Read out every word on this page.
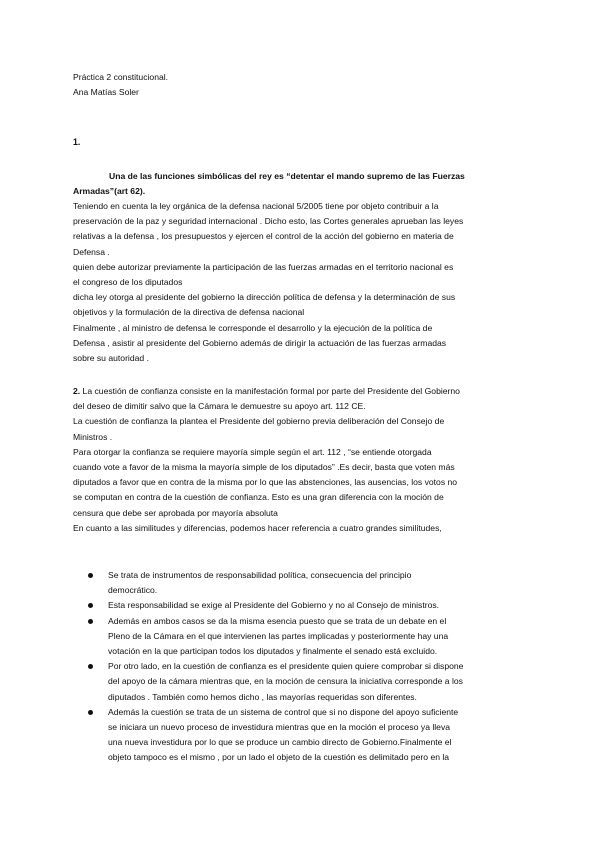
Práctica 2 constitucional.
Ana Matías Soler
1.
Una de las funciones simbólicas del rey es “detentar el mando supremo de las Fuerzas
Armadas”(art 62).
Teniendo en cuenta la ley orgánica de la defensa nacional 5/2005 tiene por objeto contribuir a la
preservación de la paz y seguridad internacional . Dicho esto, las Cortes generales aprueban las leyes
relativas a la defensa , los presupuestos y ejercen el control de la acción del gobierno en materia de
Defensa .
quien debe autorizar previamente la participación de las fuerzas armadas en el territorio nacional es
el congreso de los diputados
dicha ley otorga al presidente del gobierno la dirección política de defensa y la determinación de sus
objetivos y la formulación de la directiva de defensa nacional
Finalmente , al ministro de defensa le corresponde el desarrollo y la ejecución de la política de
Defensa , asistir al presidente del Gobierno además de dirigir la actuación de las fuerzas armadas
sobre su autoridad .
2. La cuestión de confianza consiste en la manifestación formal por parte del Presidente del Gobierno
del deseo de dimitir salvo que la Cámara le demuestre su apoyo art. 112 CE.
La cuestión de confianza la plantea el Presidente del gobierno previa deliberación del Consejo de
Ministros .
Para otorgar la confianza se requiere mayoría simple según el art. 112 , “se entiende otorgada
cuando vote a favor de la misma la mayoría simple de los diputados” .Es decir, basta que voten más
diputados a favor que en contra de la misma por lo que las abstenciones, las ausencias, los votos no
se computan en contra de la cuestión de confianza. Esto es una gran diferencia con la moción de
censura que debe ser aprobada por mayoría absoluta
En cuanto a las similitudes y diferencias, podemos hacer referencia a cuatro grandes similitudes,
Se trata de instrumentos de responsabilidad política, consecuencia del principio
democrático.
Esta responsabilidad se exige al Presidente del Gobierno y no al Consejo de ministros.
Además en ambos casos se da la misma esencia puesto que se trata de un debate en el
Pleno de la Cámara en el que intervienen las partes implicadas y posteriormente hay una
votación en la que participan todos los diputados y finalmente el senado está excluido.
Por otro lado, en la cuestión de confianza es el presidente quien quiere comprobar si dispone
del apoyo de la cámara mientras que, en la moción de censura la iniciativa corresponde a los
diputados . También como hemos dicho , las mayorías requeridas son diferentes.
Además la cuestión se trata de un sistema de control que si no dispone del apoyo suficiente
se iniciara un nuevo proceso de investidura mientras que en la moción el proceso ya lleva
una nueva investidura por lo que se produce un cambio directo de Gobierno.Finalmente el
objeto tampoco es el mismo , por un lado el objeto de la cuestión es delimitado pero en la
